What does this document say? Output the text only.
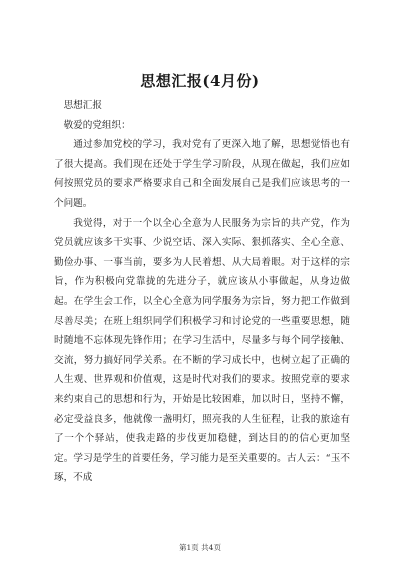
思想汇报(4月份)

思想汇报

敬爱的党组织：

通过参加党校的学习，我对党有了更深入地了解，思想觉悟也有了很大提高。我们现在还处于学生学习阶段，从现在做起，我们应如何按照党员的要求严格要求自己和全面发展自己是我们应该思考的一个问题。

我觉得，对于一个以全心全意为人民服务为宗旨的共产党，作为党员就应该多干实事、少说空话、深入实际、狠抓落实、全心全意、勤俭办事、一事当前，要多为人民着想、从大局着眼。对于这样的宗旨，作为积极向党靠拢的先进分子，就应该从小事做起，从身边做起。在学生会工作，以全心全意为同学服务为宗旨，努力把工作做到尽善尽美；在班上组织同学们积极学习和讨论党的一些重要思想，随时随地不忘体现先锋作用；在学习生活中，尽量多与每个同学接触、交流，努力搞好同学关系。在不断的学习成长中，也树立起了正确的人生观、世界观和价值观，这是时代对我们的要求。按照党章的要求来约束自己的思想和行为，开始是比较困难，加以时日，坚持不懈，必定受益良多，他就像一盏明灯，照亮我的人生征程，让我的旅途有了一个个驿站，使我走路的步伐更加稳健，到达目的的信心更加坚定。学习是学生的首要任务，学习能力是至关重要的。古人云：“玉不琢，不成

第1页 共4页
